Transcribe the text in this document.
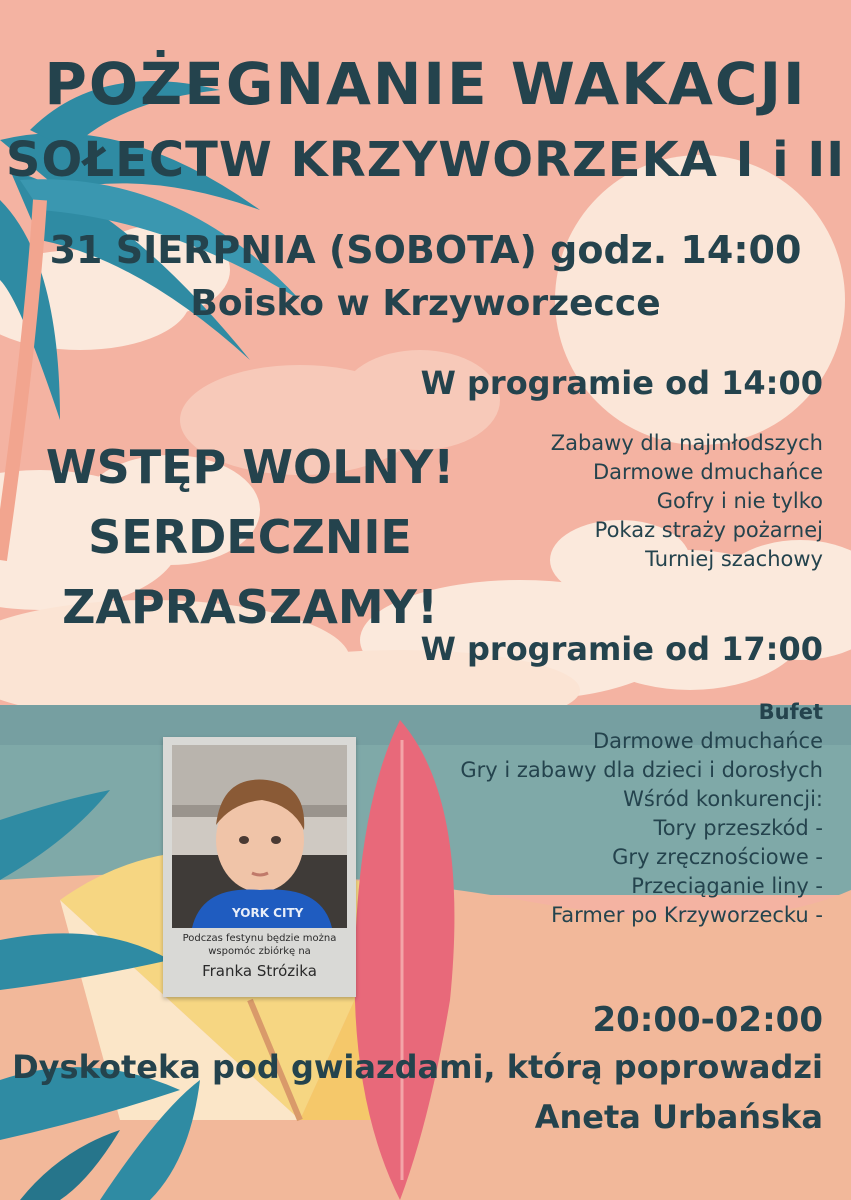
POŻEGNANIE WAKACJI
SOŁECTW KRZYWORZEKA I i II
31 SIERPNIA (SOBOTA) godz. 14:00
Boisko w Krzyworzecce
W programie od 14:00
Zabawy dla najmłodszych
Darmowe dmuchańce
Gofry i nie tylko
Pokaz straży pożarnej
Turniej szachowy
WSTĘP WOLNY!
SERDECZNIE
ZAPRASZAMY!
W programie od 17:00
Bufet
Darmowe dmuchańce
Gry i zabawy dla dzieci i dorosłych
Wśród konkurencji:
Tory przeszkód -
Gry zręcznościowe -
Przeciąganie liny -
Farmer po Krzyworzecku -
20:00-02:00
Dyskoteka pod gwiazdami, którą poprowadzi
Aneta Urbańska
YORK CITY
Podczas festynu będzie można
wspomóc zbiórkę na
Franka Strózika
